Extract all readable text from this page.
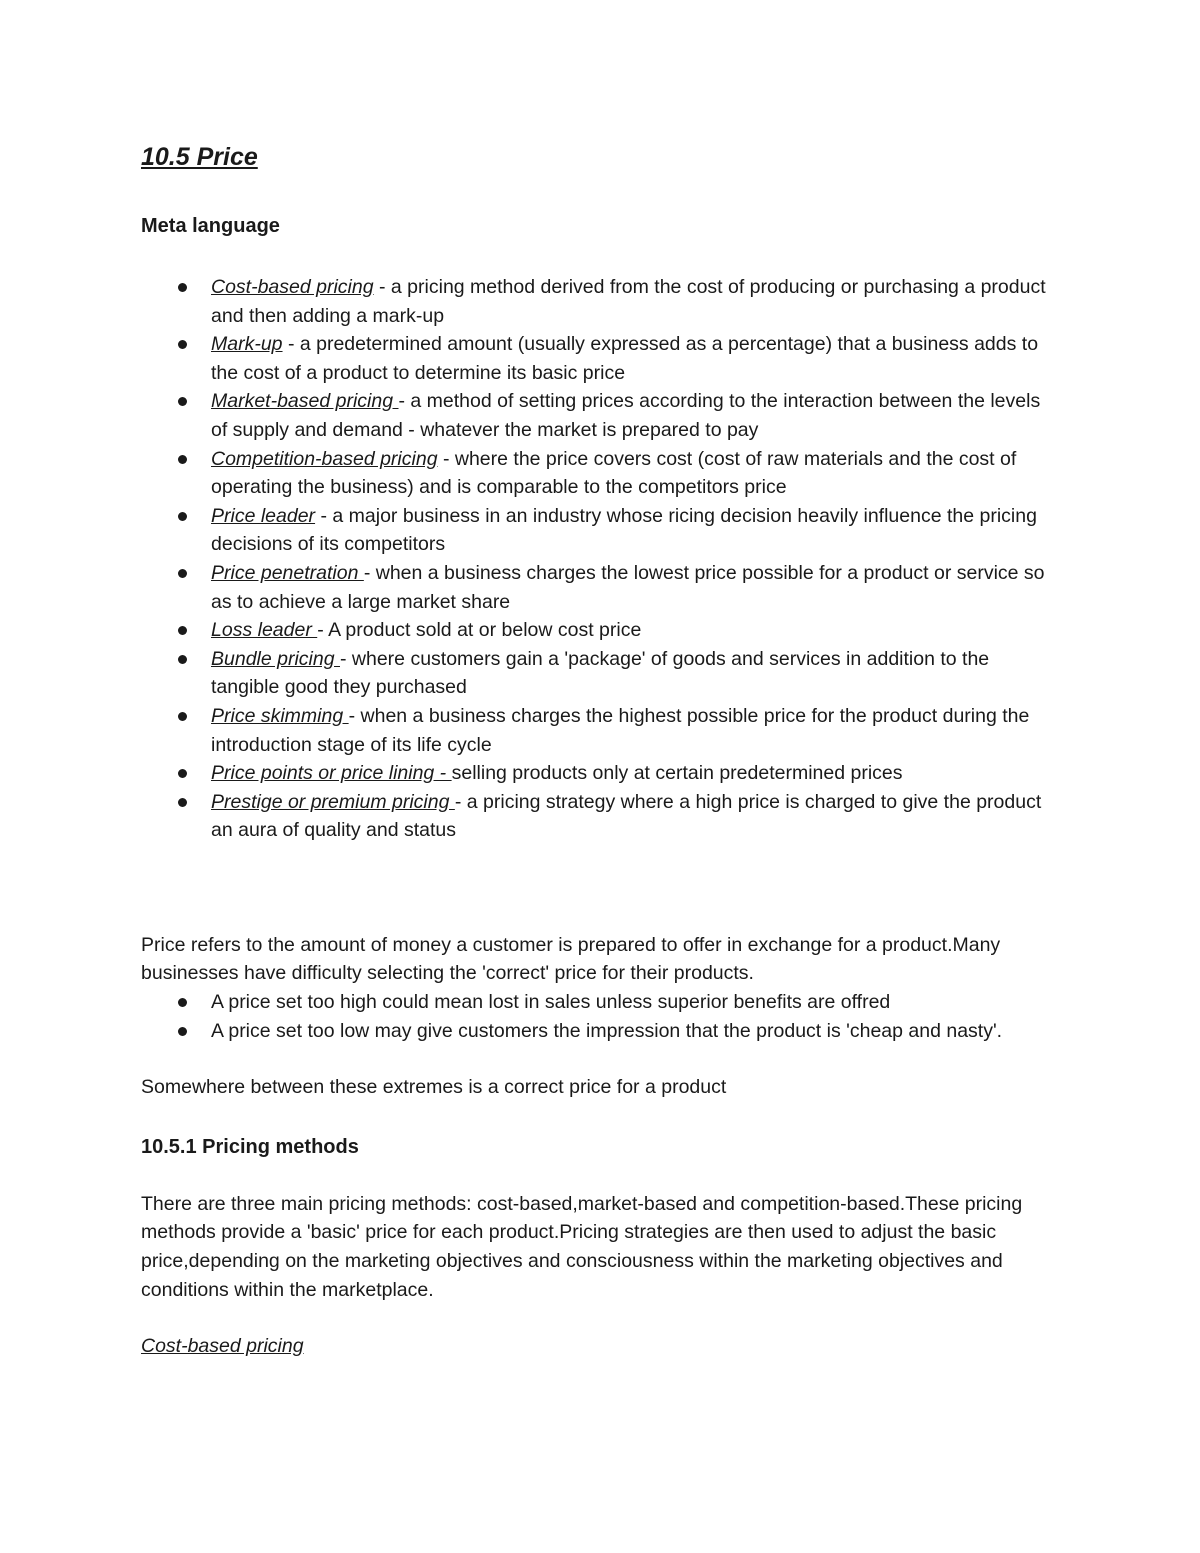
10.5 Price
Meta language
Cost-based pricing - a pricing method derived from the cost of producing or purchasing a product and then adding a mark-up
Mark-up - a predetermined amount (usually expressed as a percentage) that a business adds to the cost of a product to determine its basic price
Market-based pricing - a method of setting prices according to the interaction between the levels of supply and demand - whatever the market is prepared to pay
Competition-based pricing - where the price covers cost (cost of raw materials and the cost of operating the business) and is comparable to the competitors price
Price leader - a major business in an industry whose ricing decision heavily influence the pricing decisions of its competitors
Price penetration - when a business charges the lowest price possible for a product or service so as to achieve a large market share
Loss leader - A product sold at or below cost price
Bundle pricing - where customers gain a 'package' of goods and services in addition to the tangible good they purchased
Price skimming - when a business charges the highest possible price for the product during the introduction stage of its life cycle
Price points or price lining - selling products only at certain predetermined prices
Prestige or premium pricing - a pricing strategy where a high price is charged to give the product an aura of quality and status

Price refers to the amount of money a customer is prepared to offer in exchange for a product.Many businesses have difficulty selecting the 'correct' price for their products.

A price set too high could mean lost in sales unless superior benefits are offred
A price set too low may give customers the impression that the product is 'cheap and nasty'.

Somewhere between these extremes is a correct price for a product

10.5.1 Pricing methods

There are three main pricing methods: cost-based,market-based and competition-based.These pricing methods provide a 'basic' price for each product.Pricing strategies are then used to adjust the basic price,depending on the marketing objectives and consciousness within the marketing objectives and conditions within the marketplace.

Cost-based pricing
